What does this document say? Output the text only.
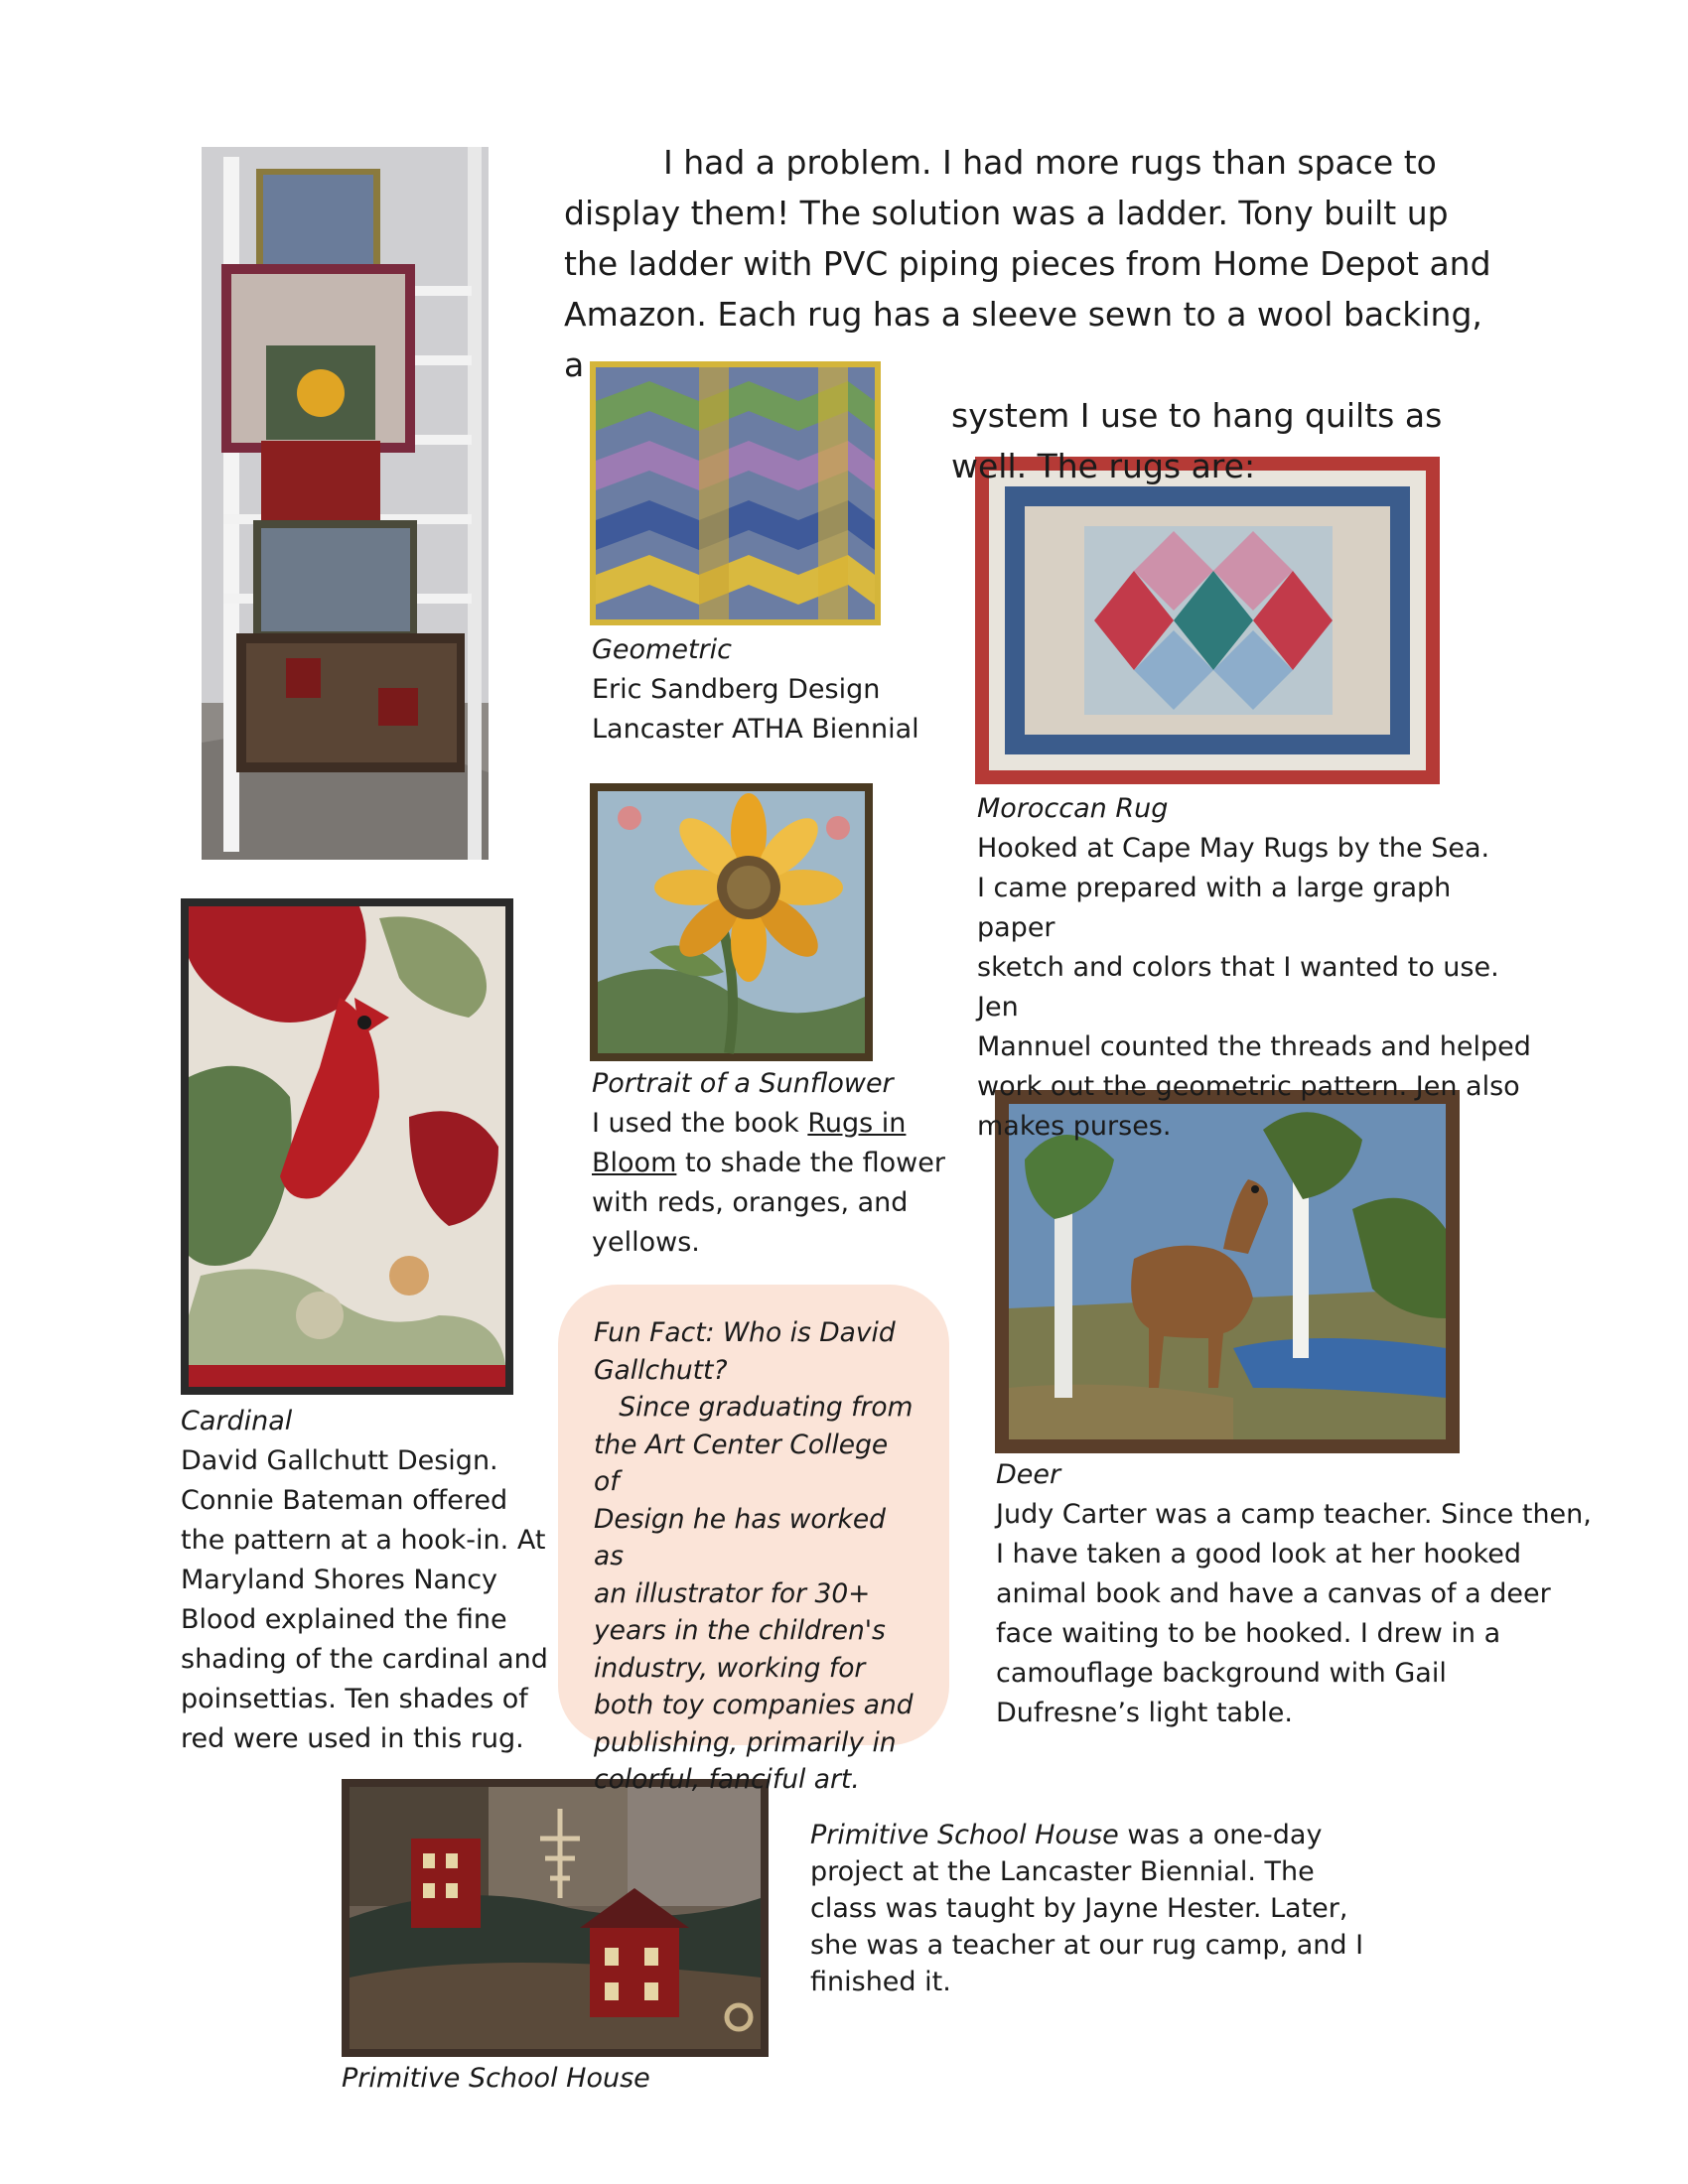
I had a problem. I had more rugs than space to

display them! The solution was a ladder. Tony built up

the ladder with PVC piping pieces from Home Depot and

Amazon. Each rug has a sleeve sewn to a wool backing, a

system I use to hang quilts as

well. The rugs are:

Geometric

Eric Sandberg Design

Lancaster ATHA Biennial

Moroccan Rug

Hooked at Cape May Rugs by the Sea.

I came prepared with a large graph paper

sketch and colors that I wanted to use. Jen

Mannuel counted the threads and helped

work out the geometric pattern. Jen also

makes purses.

Portrait of a Sunflower

I used the book Rugs in

Bloom to shade the flower

with reds, oranges, and

yellows.

Cardinal

David Gallchutt Design.

Connie Bateman offered

the pattern at a hook-in. At

Maryland Shores Nancy

Blood explained the fine

shading of the cardinal and

poinsettias. Ten shades of

red were used in this rug.

Fun Fact: Who is David

Gallchutt?

Since graduating from

the Art Center College of

Design he has worked as

an illustrator for 30+

years in the children's

industry, working for

both toy companies and

publishing, primarily in

colorful, fanciful art.

Deer

Judy Carter was a camp teacher. Since then,

I have taken a good look at her hooked

animal book and have a canvas of a deer

face waiting to be hooked. I drew in a

camouflage background with Gail

Dufresne’s light table.

Primitive School House

Primitive School House was a one-day

project at the Lancaster Biennial. The

class was taught by Jayne Hester. Later,

she was a teacher at our rug camp, and I

finished it.
